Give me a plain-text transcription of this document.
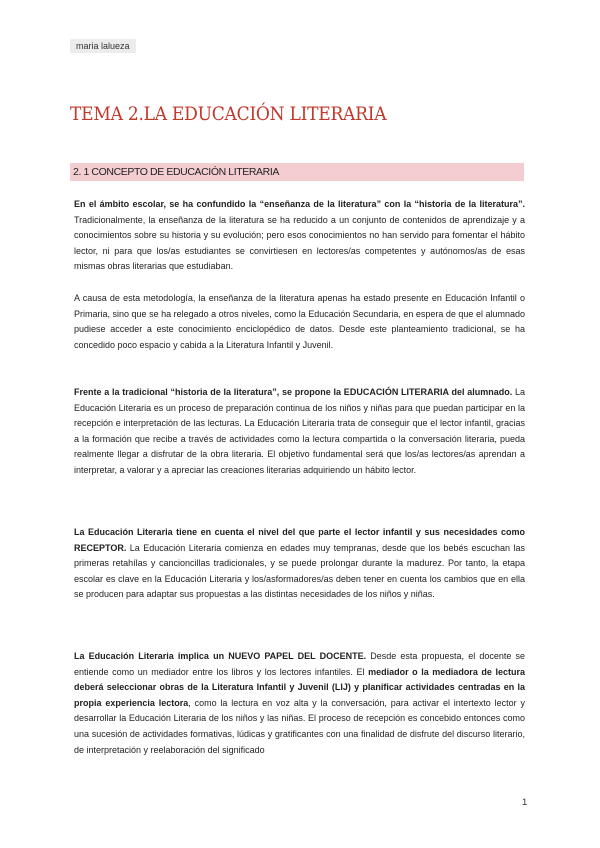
maria lalueza
TEMA 2.LA EDUCACIÓN LITERARIA
2. 1 CONCEPTO DE EDUCACIÓN LITERARIA

En el ámbito escolar, se ha confundido la “enseñanza de la literatura” con la “historia de la literatura”. Tradicionalmente, la enseñanza de la literatura se ha reducido a un conjunto de contenidos de aprendizaje y a conocimientos sobre su historia y su evolución; pero esos conocimientos no han servido para fomentar el hábito lector, ni para que los/as estudiantes se convirtiesen en lectores/as competentes y autónomos/as de esas mismas obras literarias que estudiaban.

A causa de esta metodología, la enseñanza de la literatura apenas ha estado presente en Educación Infantil o Primaria, sino que se ha relegado a otros niveles, como la Educación Secundaria, en espera de que el alumnado pudiese acceder a este conocimiento enciclopédico de datos. Desde este planteamiento tradicional, se ha concedido poco espacio y cabida a la Literatura Infantil y Juvenil.

Frente a la tradicional “historia de la literatura”, se propone la EDUCACIÓN LITERARIA del alumnado. La Educación Literaria es un proceso de preparación continua de los niños y niñas para que puedan participar en la recepción e interpretación de las lecturas. La Educación Literaria trata de conseguir que el lector infantil, gracias a la formación que recibe a través de actividades como la lectura compartida o la conversación literaria, pueda realmente llegar a disfrutar de la obra literaria. El objetivo fundamental será que los/as lectores/as aprendan a interpretar, a valorar y a apreciar las creaciones literarias adquiriendo un hábito lector.

La Educación Literaria tiene en cuenta el nivel del que parte el lector infantil y sus necesidades como RECEPTOR. La Educación Literaria comienza en edades muy tempranas, desde que los bebés escuchan las primeras retahílas y cancioncillas tradicionales, y se puede prolongar durante la madurez. Por tanto, la etapa escolar es clave en la Educación Literaria y los/asformadores/as deben tener en cuenta los cambios que en ella se producen para adaptar sus propuestas a las distintas necesidades de los niños y niñas.

La Educación Literaria implica un NUEVO PAPEL DEL DOCENTE. Desde esta propuesta, el docente se entiende como un mediador entre los libros y los lectores infantiles. El mediador o la mediadora de lectura deberá seleccionar obras de la Literatura Infantil y Juvenil (LIJ) y planificar actividades centradas en la propia experiencia lectora, como la lectura en voz alta y la conversación, para activar el intertexto lector y desarrollar la Educación Literaria de los niños y las niñas. El proceso de recepción es concebido entonces como una sucesión de actividades formativas, lúdicas y gratificantes con una finalidad de disfrute del discurso literario, de interpretación y reelaboración del significado

1
